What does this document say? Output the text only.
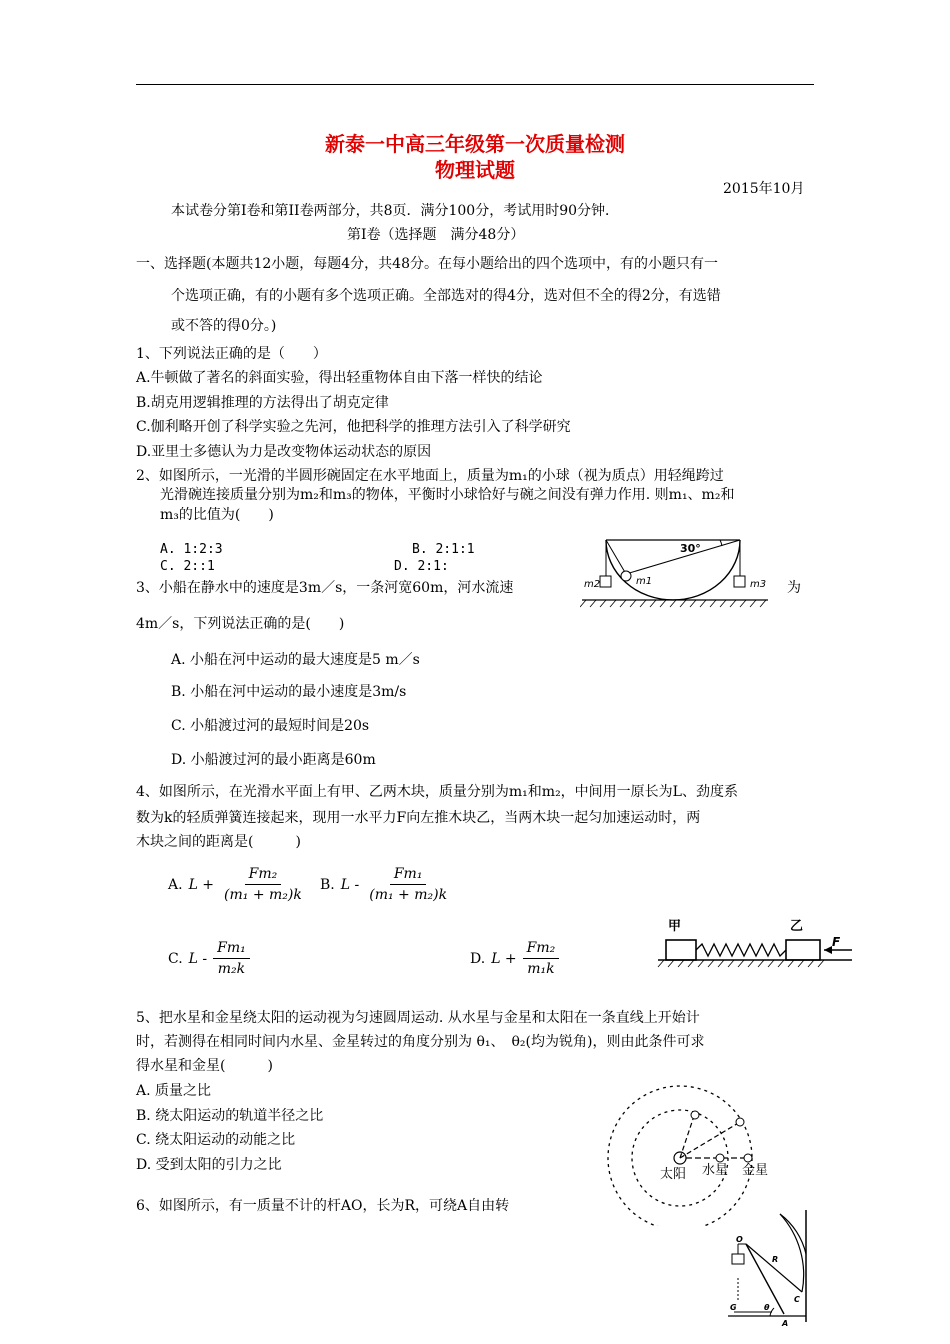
新泰一中高三年级第一次质量检测
物理试题
2015年10月
本试卷分第I卷和第II卷两部分，共8页．满分100分，考试用时90分钟．
第Ⅰ卷（选择题　满分48分）
一、选择题(本题共12小题，每题4分，共48分。在每小题给出的四个选项中，有的小题只有一
个选项正确，有的小题有多个选项正确。全部选对的得4分，选对但不全的得2分，有选错
或不答的得0分。)
1、下列说法正确的是（　　）
A.牛顿做了著名的斜面实验，得出轻重物体自由下落一样快的结论
B.胡克用逻辑推理的方法得出了胡克定律
C.伽利略开创了科学实验之先河，他把科学的推理方法引入了科学研究
D.亚里士多德认为力是改变物体运动状态的原因
2、如图所示，一光滑的半圆形碗固定在水平地面上，质量为m₁的小球（视为质点）用轻绳跨过
光滑碗连接质量分别为m₂和m₃的物体，平衡时小球恰好与碗之间没有弹力作用. 则m₁、m₂和
m₃的比值为(　　)
A. 1:2:3	B. 2:1:1
C. 2::1	D. 2:1:
30°
m1
m2	m3
3、小船在静水中的速度是3m／s，一条河宽60m，河水流速	为
4m／s，下列说法正确的是(　　)
A. 小船在河中运动的最大速度是5 m／s
B. 小船在河中运动的最小速度是3m/s
C. 小船渡过河的最短时间是20s
D. 小船渡过河的最小距离是60m
4、如图所示，在光滑水平面上有甲、乙两木块，质量分别为m₁和m₂，中间用一原长为L、劲度系
数为k的轻质弹簧连接起来，现用一水平力F向左推木块乙，当两木块一起匀加速运动时，两
木块之间的距离是(　　　)
A. $L + \frac{\text{Fm₂}}{\text{(m₁ + m₂)k}} B$. L - $\frac{\text{Fm₁}}{\text{(m₁ + m₂)k}}$
C. L - $\frac{\text{Fm₁}}{\text{m₂k}}$	D. $L + \frac{\text{Fm₂}}{\text{m₁k}}$
甲	乙
F
5、把水星和金星绕太阳的运动视为匀速圆周运动. 从水星与金星和太阳在一条直线上开始计
时，若测得在相同时间内水星、金星转过的角度分别为 θ₁、　θ₂(均为锐角)，则由此条件可求
得水星和金星(　　　)
A. 质量之比
B. 绕太阳运动的轨道半径之比
C. 绕太阳运动的动能之比
D. 受到太阳的引力之比
太阳 水星 金星
6、如图所示，有一质量不计的杆AO，长为R，可绕A自由转
O
R
C
G
A
θ
